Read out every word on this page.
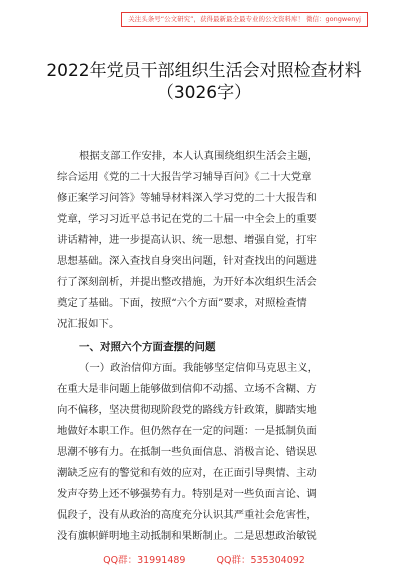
关注头条号“公文研究”，获得最新最全最专业的公文资料库！ 微信：gongwenyj
2022年党员干部组织生活会对照检查材料
（3026字）

根据支部工作安排，本人认真围绕组织生活会主题，
综合运用《党的二十大报告学习辅导百问》《二十大党章
修正案学习问答》等辅导材料深入学习党的二十大报告和
党章，学习习近平总书记在党的二十届一中全会上的重要
讲话精神，进一步提高认识、统一思想、增强自觉，打牢
思想基础。深入查找自身突出问题，针对查找出的问题进
行了深刻剖析，并提出整改措施，为开好本次组织生活会
奠定了基础。下面，按照“六个方面”要求，对照检查情
况汇报如下。

一、对照六个方面查摆的问题

（一）政治信仰方面。我能够坚定信仰马克思主义，
在重大是非问题上能够做到信仰不动摇、立场不含糊、方
向不偏移，坚决贯彻现阶段党的路线方针政策，脚踏实地
地做好本职工作。但仍然存在一定的问题：一是抵制负面
思潮不够有力。在抵制一些负面信息、消极言论、错误思
潮缺乏应有的警觉和有效的应对，在正面引导舆情、主动
发声夺势上还不够强势有力。特别是对一些负面言论、调
侃段子，没有从政治的高度充分认识其严重社会危害性，
没有旗帜鲜明地主动抵制和果断制止。二是思想政治敏锐

QQ群：31991489	QQ群：535304092
